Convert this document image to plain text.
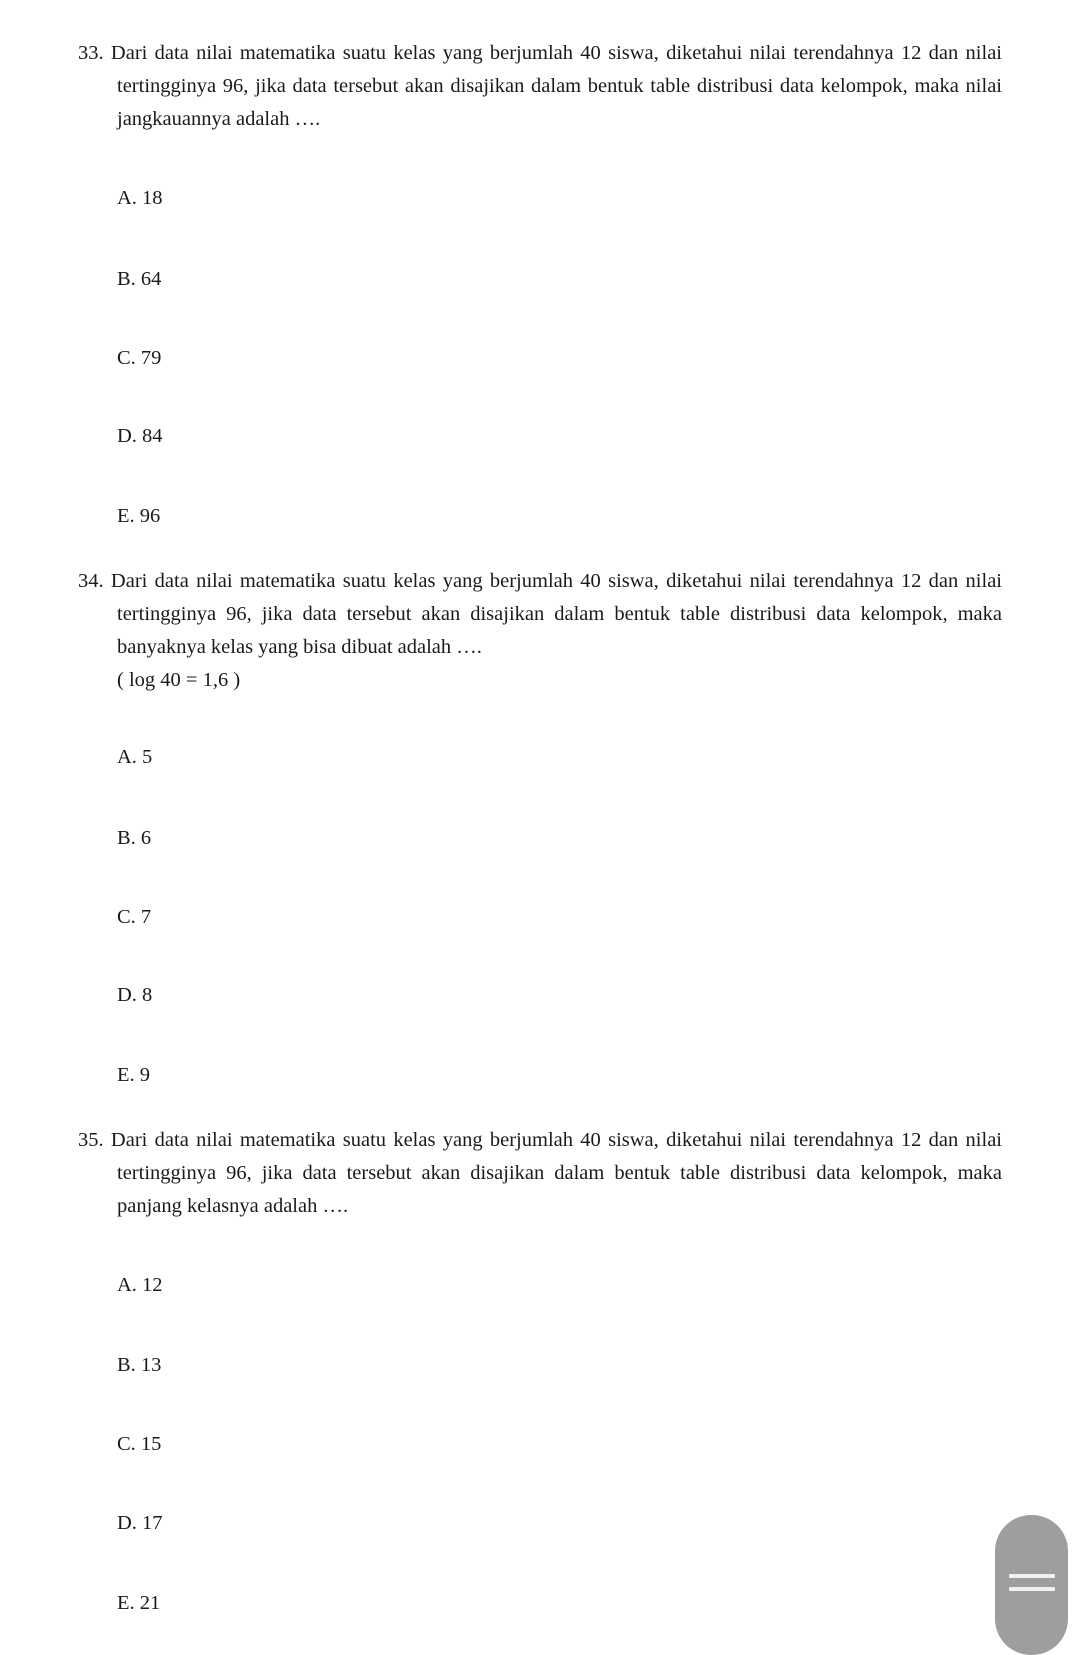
33. Dari data nilai matematika suatu kelas yang berjumlah 40 siswa, diketahui nilai terendahnya 12 dan nilai
tertingginya 96, jika data tersebut akan disajikan dalam bentuk table distribusi data kelompok, maka nilai
jangkauannya adalah ….
A. 18
B. 64
C. 79
D. 84
E. 96
34. Dari data nilai matematika suatu kelas yang berjumlah 40 siswa, diketahui nilai terendahnya 12 dan nilai
tertingginya 96, jika data tersebut akan disajikan dalam bentuk table distribusi data kelompok, maka
banyaknya kelas yang bisa dibuat adalah ….
( log 40 = 1,6 )
A. 5
B. 6
C. 7
D. 8
E. 9
35. Dari data nilai matematika suatu kelas yang berjumlah 40 siswa, diketahui nilai terendahnya 12 dan nilai
tertingginya 96, jika data tersebut akan disajikan dalam bentuk table distribusi data kelompok, maka
panjang kelasnya adalah ….
A. 12
B. 13
C. 15
D. 17
E. 21
